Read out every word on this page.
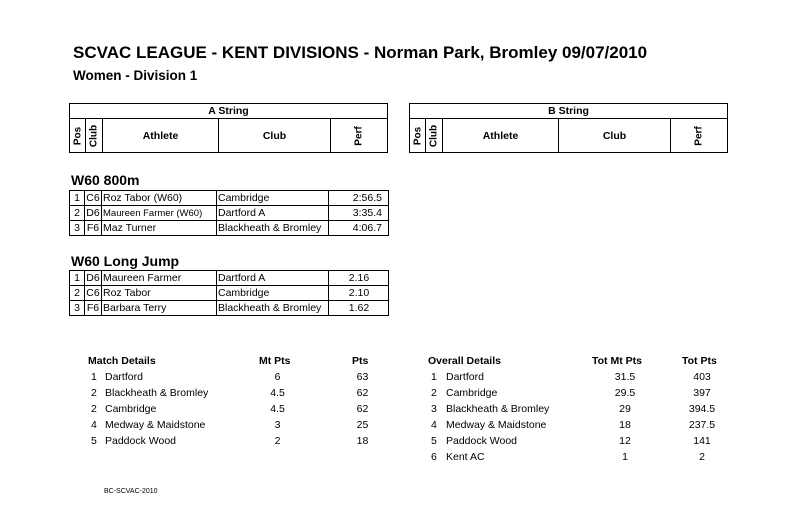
SCVAC LEAGUE - KENT DIVISIONS - Norman Park, Bromley 09/07/2010
Women - Division 1
A String

Pos	Club	Athlete	Club	Perf
B String

Pos	Club	Athlete	Club	Perf
W60 800m
1	C6	Roz Tabor (W60)	Cambridge	2:56.5
2	D6	Maureen Farmer (W60)	Dartford A	3:35.4
3	F6	Maz Turner	Blackheath & Bromley	4:06.7
W60 Long Jump
1	D6	Maureen Farmer	Dartford A	2.16
2	C6	Roz Tabor	Cambridge	2.10
3	F6	Barbara Terry	Blackheath & Bromley	1.62
Match Details	Mt Pts	Pts
1 Dartford	6	63
2 Blackheath & Bromley	4.5	62
2 Cambridge	4.5	62
4 Medway & Maidstone	3	25
5 Paddock Wood	2	18
Overall Details	Tot Mt Pts	Tot Pts
1 Dartford	31.5	403
2 Cambridge	29.5	397
3 Blackheath & Bromley	29	394.5
4 Medway & Maidstone	18	237.5
5 Paddock Wood	12	141
6 Kent AC	1	2
BC-SCVAC-2010
